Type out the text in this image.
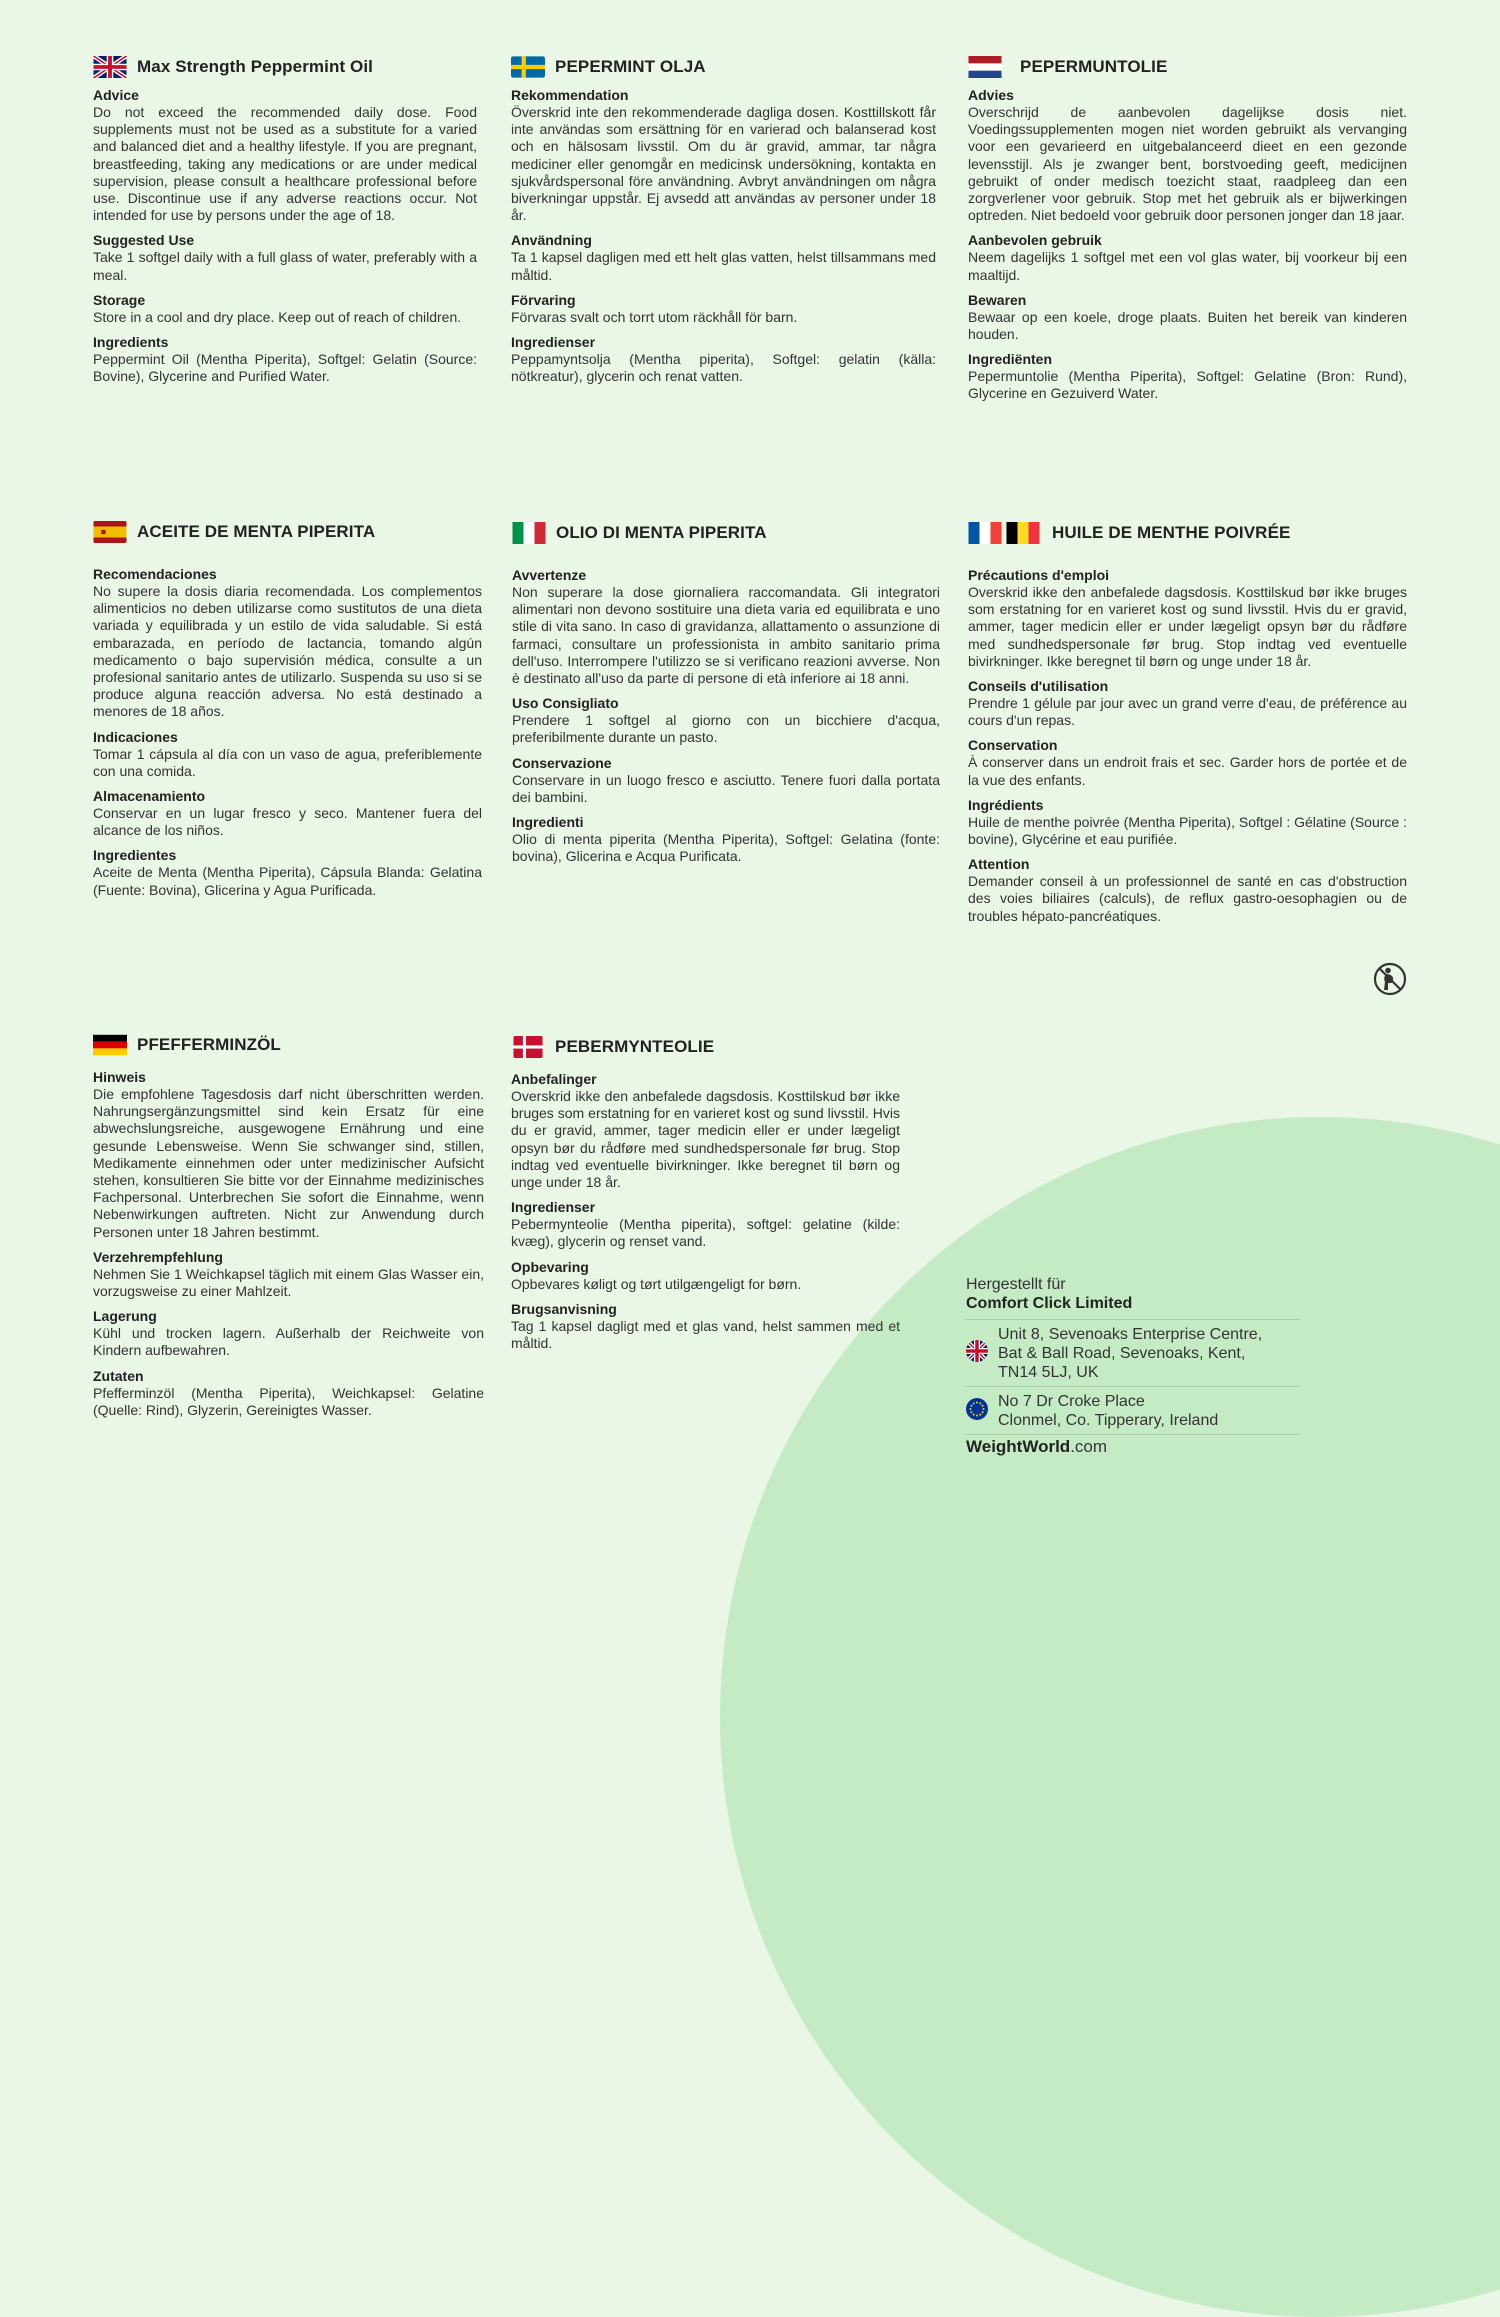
Max Strength Peppermint Oil
Advice
Do not exceed the recommended daily dose. Food supplements must not be used as a substitute for a varied and balanced diet and a healthy lifestyle. If you are pregnant, breastfeeding, taking any medications or are under medical supervision, please consult a healthcare professional before use. Discontinue use if any adverse reactions occur. Not intended for use by persons under the age of 18.
Suggested Use
Take 1 softgel daily with a full glass of water, preferably with a meal.
Storage
Store in a cool and dry place. Keep out of reach of children.
Ingredients
Peppermint Oil (Mentha Piperita), Softgel: Gelatin (Source: Bovine), Glycerine and Purified Water.
PEPERMINT OLJA
Rekommendation
Överskrid inte den rekommenderade dagliga dosen. Kosttillskott får inte användas som ersättning för en varierad och balanserad kost och en hälsosam livsstil. Om du är gravid, ammar, tar några mediciner eller genomgår en medicinsk undersökning, kontakta en sjukvårdspersonal före användning. Avbryt användningen om några biverkningar uppstår. Ej avsedd att användas av personer under 18 år.
Användning
Ta 1 kapsel dagligen med ett helt glas vatten, helst tillsammans med måltid.
Förvaring
Förvaras svalt och torrt utom räckhåll för barn.
Ingredienser
Peppamyntsolja (Mentha piperita), Softgel: gelatin (källa: nötkreatur), glycerin och renat vatten.
PEPERMUNTOLIE
Advies
Overschrijd de aanbevolen dagelijkse dosis niet. Voedingssupplementen mogen niet worden gebruikt als vervanging voor een gevarieerd en uitgebalanceerd dieet en een gezonde levensstijl. Als je zwanger bent, borstvoeding geeft, medicijnen gebruikt of onder medisch toezicht staat, raadpleeg dan een zorgverlener voor gebruik. Stop met het gebruik als er bijwerkingen optreden. Niet bedoeld voor gebruik door personen jonger dan 18 jaar.
Aanbevolen gebruik
Neem dagelijks 1 softgel met een vol glas water, bij voorkeur bij een maaltijd.
Bewaren
Bewaar op een koele, droge plaats. Buiten het bereik van kinderen houden.
Ingrediënten
Pepermuntolie (Mentha Piperita), Softgel: Gelatine (Bron: Rund), Glycerine en Gezuiverd Water.
ACEITE DE MENTA PIPERITA
Recomendaciones
No supere la dosis diaria recomendada. Los complementos alimenticios no deben utilizarse como sustitutos de una dieta variada y equilibrada y un estilo de vida saludable. Si está embarazada, en período de lactancia, tomando algún medicamento o bajo supervisión médica, consulte a un profesional sanitario antes de utilizarlo. Suspenda su uso si se produce alguna reacción adversa. No está destinado a menores de 18 años.
Indicaciones
Tomar 1 cápsula al día con un vaso de agua, preferiblemente con una comida.
Almacenamiento
Conservar en un lugar fresco y seco. Mantener fuera del alcance de los niños.
Ingredientes
Aceite de Menta (Mentha Piperita), Cápsula Blanda: Gelatina (Fuente: Bovina), Glicerina y Agua Purificada.
OLIO DI MENTA PIPERITA
Avvertenze
Non superare la dose giornaliera raccomandata. Gli integratori alimentari non devono sostituire una dieta varia ed equilibrata e uno stile di vita sano. In caso di gravidanza, allattamento o assunzione di farmaci, consultare un professionista in ambito sanitario prima dell'uso. Interrompere l'utilizzo se si verificano reazioni avverse. Non è destinato all'uso da parte di persone di età inferiore ai 18 anni.
Uso Consigliato
Prendere 1 softgel al giorno con un bicchiere d'acqua, preferibilmente durante un pasto.
Conservazione
Conservare in un luogo fresco e asciutto. Tenere fuori dalla portata dei bambini.
Ingredienti
Olio di menta piperita (Mentha Piperita), Softgel: Gelatina (fonte: bovina), Glicerina e Acqua Purificata.
HUILE DE MENTHE POIVRÉE
Précautions d'emploi
Overskrid ikke den anbefalede dagsdosis. Kosttilskud bør ikke bruges som erstatning for en varieret kost og sund livsstil. Hvis du er gravid, ammer, tager medicin eller er under lægeligt opsyn bør du rådføre med sundhedspersonale før brug. Stop indtag ved eventuelle bivirkninger. Ikke beregnet til børn og unge under 18 år.
Conseils d'utilisation
Prendre 1 gélule par jour avec un grand verre d'eau, de préférence au cours d'un repas.
Conservation
À conserver dans un endroit frais et sec. Garder hors de portée et de la vue des enfants.
Ingrédients
Huile de menthe poivrée (Mentha Piperita), Softgel : Gélatine (Source : bovine), Glycérine et eau purifiée.
Attention
Demander conseil à un professionnel de santé en cas d'obstruction des voies biliaires (calculs), de reflux gastro-oesophagien ou de troubles hépato-pancréatiques.
PFEFFERMINZÖL
Hinweis
Die empfohlene Tagesdosis darf nicht überschritten werden. Nahrungsergänzungsmittel sind kein Ersatz für eine abwechslungsreiche, ausgewogene Ernährung und eine gesunde Lebensweise. Wenn Sie schwanger sind, stillen, Medikamente einnehmen oder unter medizinischer Aufsicht stehen, konsultieren Sie bitte vor der Einnahme medizinisches Fachpersonal. Unterbrechen Sie sofort die Einnahme, wenn Nebenwirkungen auftreten. Nicht zur Anwendung durch Personen unter 18 Jahren bestimmt.
Verzehrempfehlung
Nehmen Sie 1 Weichkapsel täglich mit einem Glas Wasser ein, vorzugsweise zu einer Mahlzeit.
Lagerung
Kühl und trocken lagern. Außerhalb der Reichweite von Kindern aufbewahren.
Zutaten
Pfefferminzöl (Mentha Piperita), Weichkapsel: Gelatine (Quelle: Rind), Glyzerin, Gereinigtes Wasser.
PEBERMYNTEOLIE
Anbefalinger
Overskrid ikke den anbefalede dagsdosis. Kosttilskud bør ikke bruges som erstatning for en varieret kost og sund livsstil. Hvis du er gravid, ammer, tager medicin eller er under lægeligt opsyn bør du rådføre med sundhedspersonale før brug. Stop indtag ved eventuelle bivirkninger. Ikke beregnet til børn og unge under 18 år.
Ingredienser
Pebermynteolie (Mentha piperita), softgel: gelatine (kilde: kvæg), glycerin og renset vand.
Opbevaring
Opbevares køligt og tørt utilgængeligt for børn.
Brugsanvisning
Tag 1 kapsel dagligt med et glas vand, helst sammen med et måltid.
Hergestellt für
Comfort Click Limited
Unit 8, Sevenoaks Enterprise Centre,
Bat & Ball Road, Sevenoaks, Kent,
TN14 5LJ, UK
No 7 Dr Croke Place
Clonmel, Co. Tipperary, Ireland
WeightWorld.com
